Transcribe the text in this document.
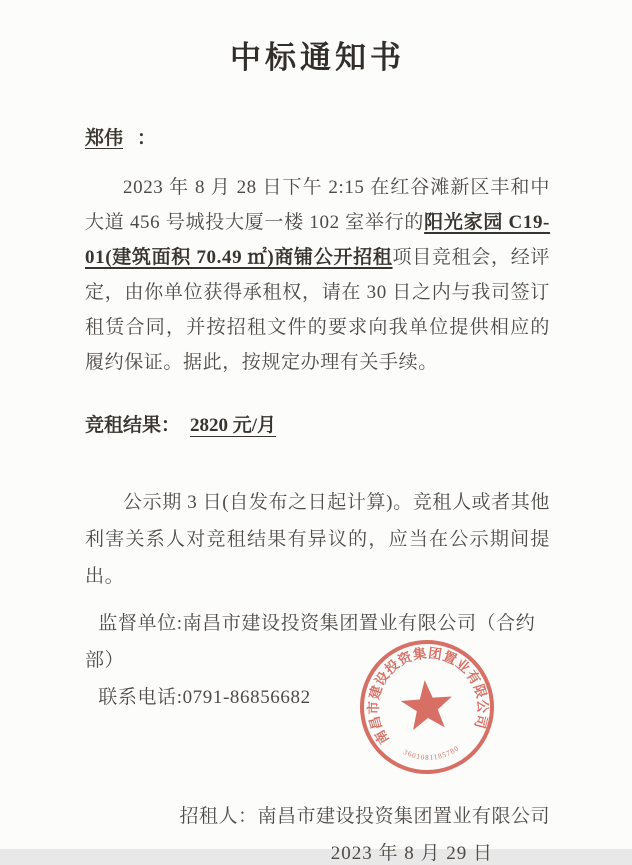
中标通知书
郑伟 ：

2023 年 8 月 28 日下午 2:15 在红谷滩新区丰和中大道 456 号城投大厦一楼 102 室举行的阳光家园 C19-01(建筑面积 70.49 ㎡)商铺公开招租项目竞租会，经评定，由你单位获得承租权，请在 30 日之内与我司签订租赁合同，并按招租文件的要求向我单位提供相应的履约保证。据此，按规定办理有关手续。

竞租结果： 2820 元/月

公示期 3 日(自发布之日起计算)。竞租人或者其他利害关系人对竞租结果有异议的，应当在公示期间提出。

监督单位:南昌市建设投资集团置业有限公司（合约部）

联系电话:0791-86856682

招租人：南昌市建设投资集团置业有限公司

2023 年 8 月 29 日

南昌市建设投资集团置业有限公司
3601081185780
